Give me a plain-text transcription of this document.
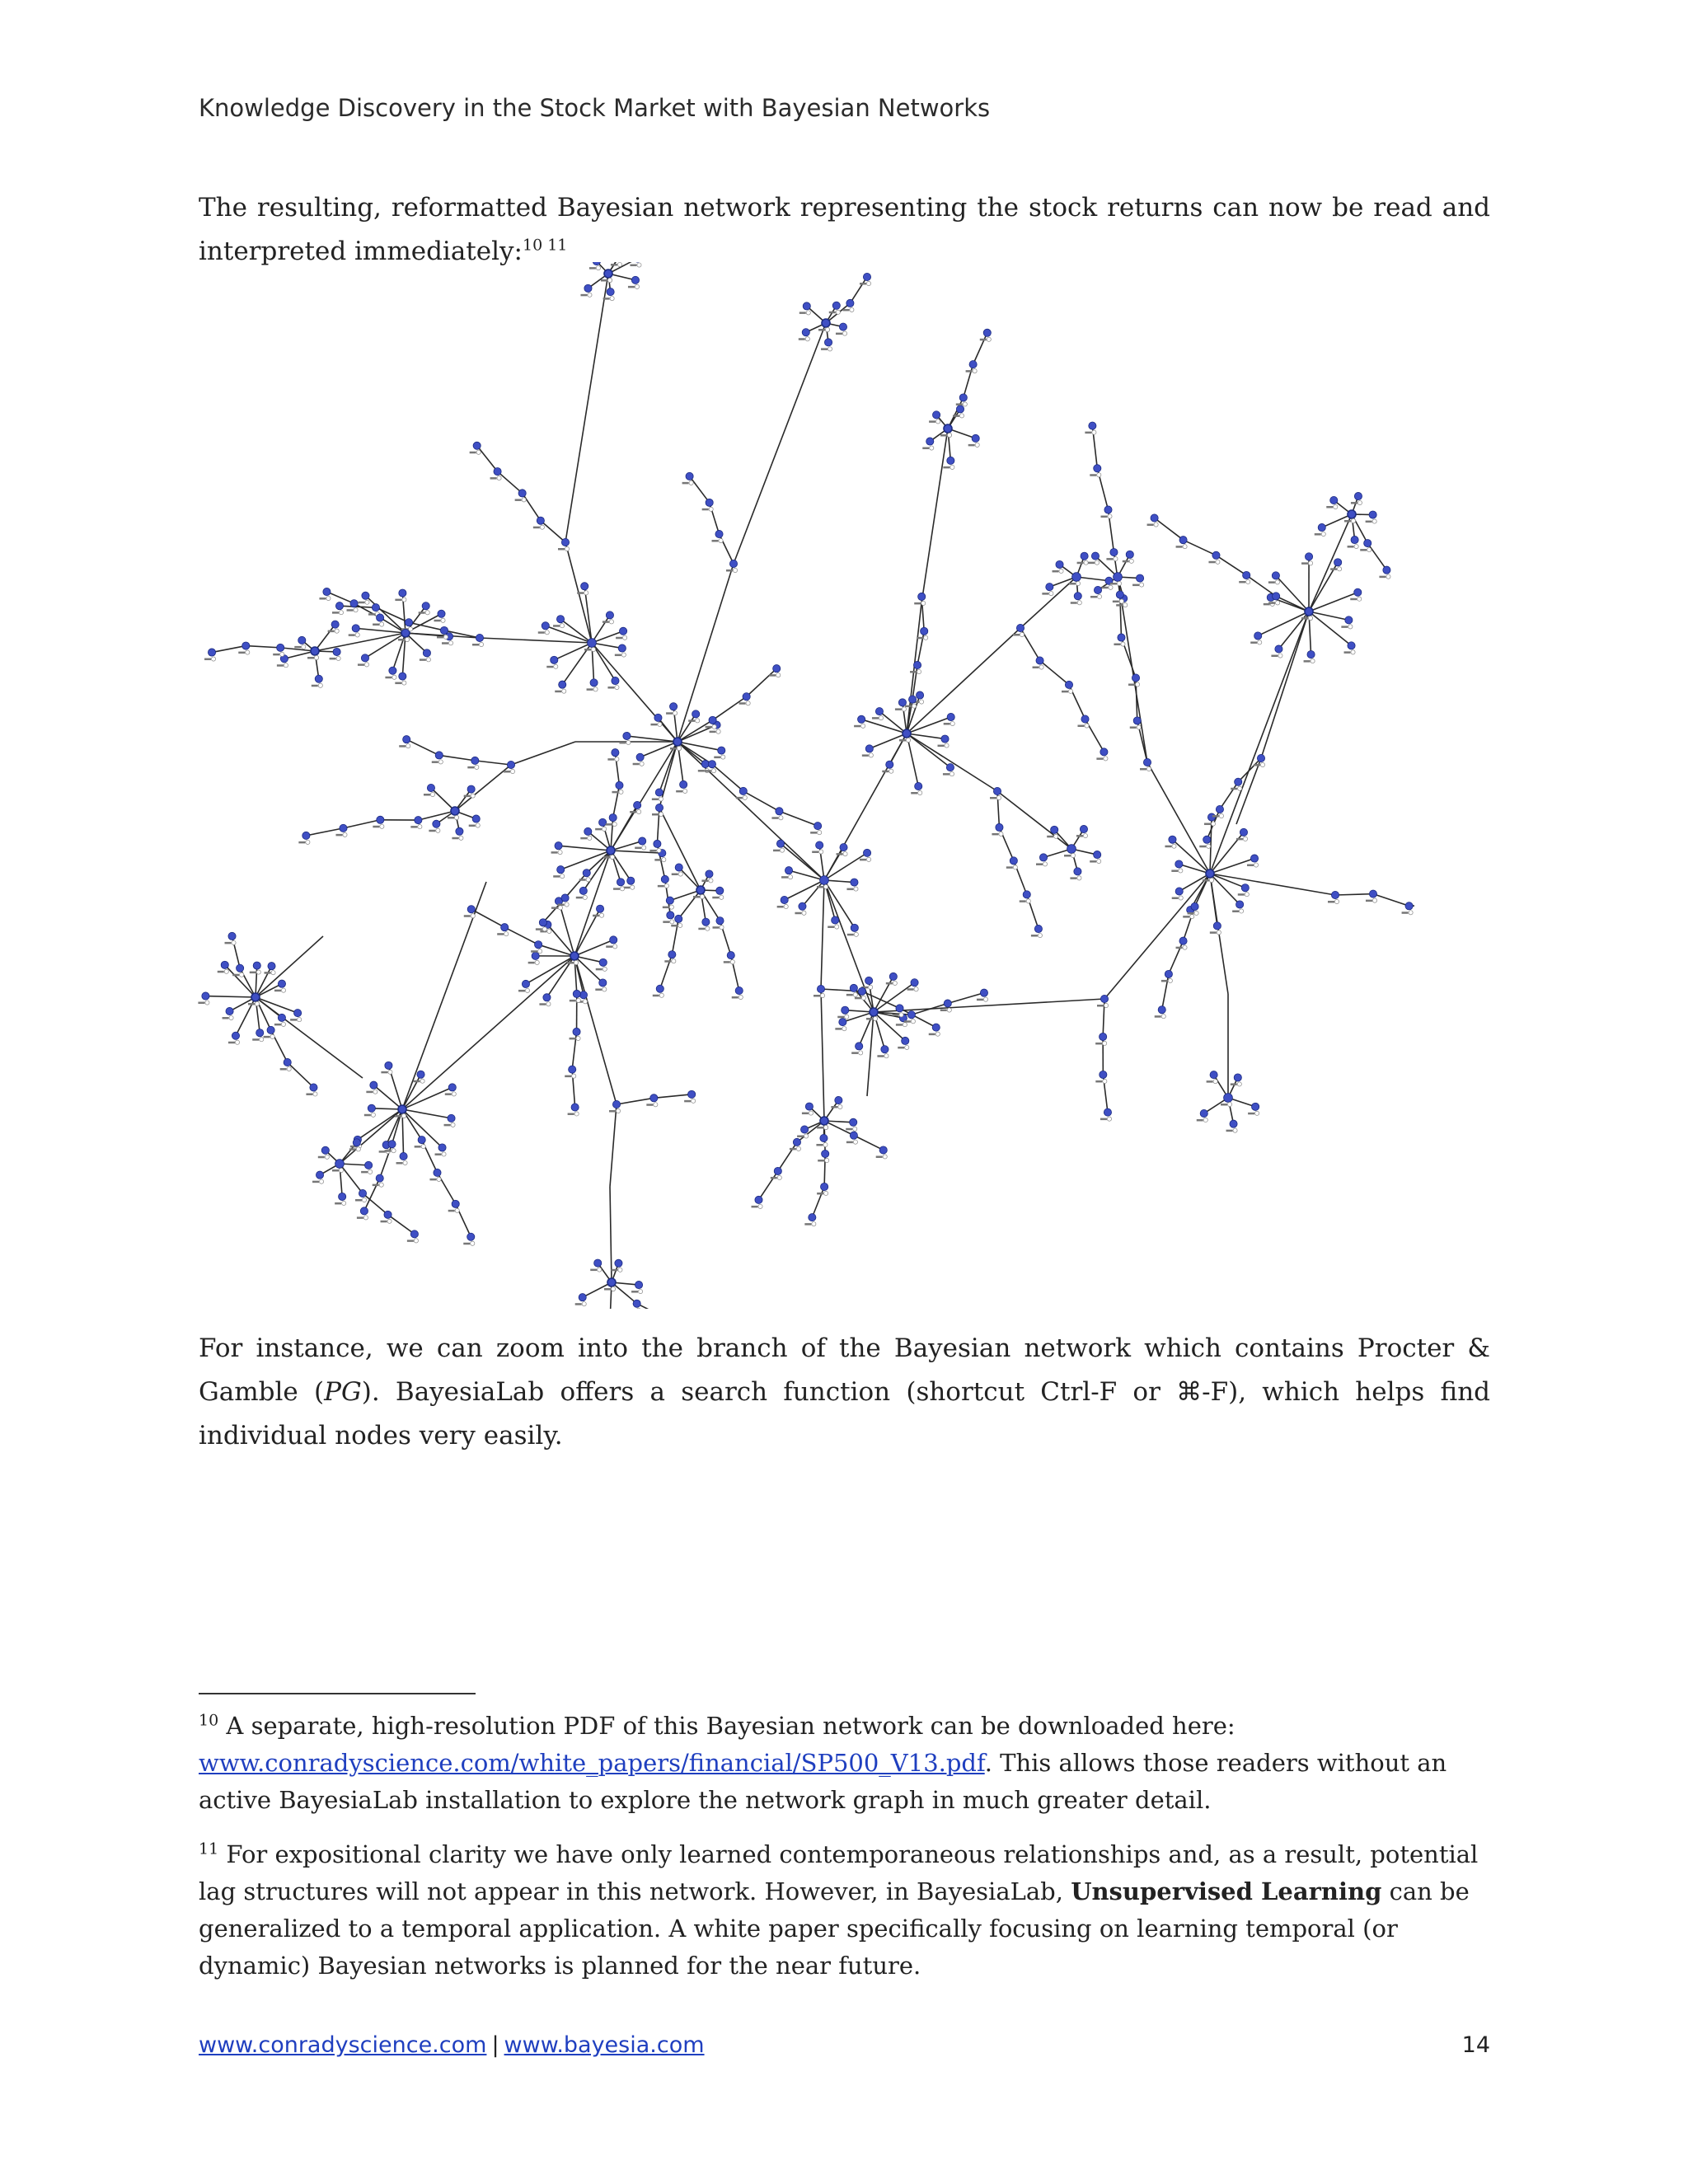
Knowledge Discovery in the Stock Market with Bayesian Networks
The resulting, reformatted Bayesian network representing the stock returns can now be read and interpreted immediately:$^{10 11}$
For instance, we can zoom into the branch of the Bayesian network which contains Procter & Gamble (PG). BayesiaLab offers a search function (shortcut Ctrl-F or ⌘-F), which helps find individual nodes very easily.
$^{10}$ A separate, high-resolution PDF of this Bayesian network can be downloaded here:
www.conradyscience.com/white_papers/financial/SP500_V13.pdf. This allows those readers without an active BayesiaLab installation to explore the network graph in much greater detail.
$^{11}$ For expositional clarity we have only learned contemporaneous relationships and, as a result, potential lag structures will not appear in this network. However, in BayesiaLab, Unsupervised Learning can be generalized to a temporal application. A white paper specifically focusing on learning temporal (or dynamic) Bayesian networks is planned for the near future.
www.conradyscience.com | www.bayesia.com	14
